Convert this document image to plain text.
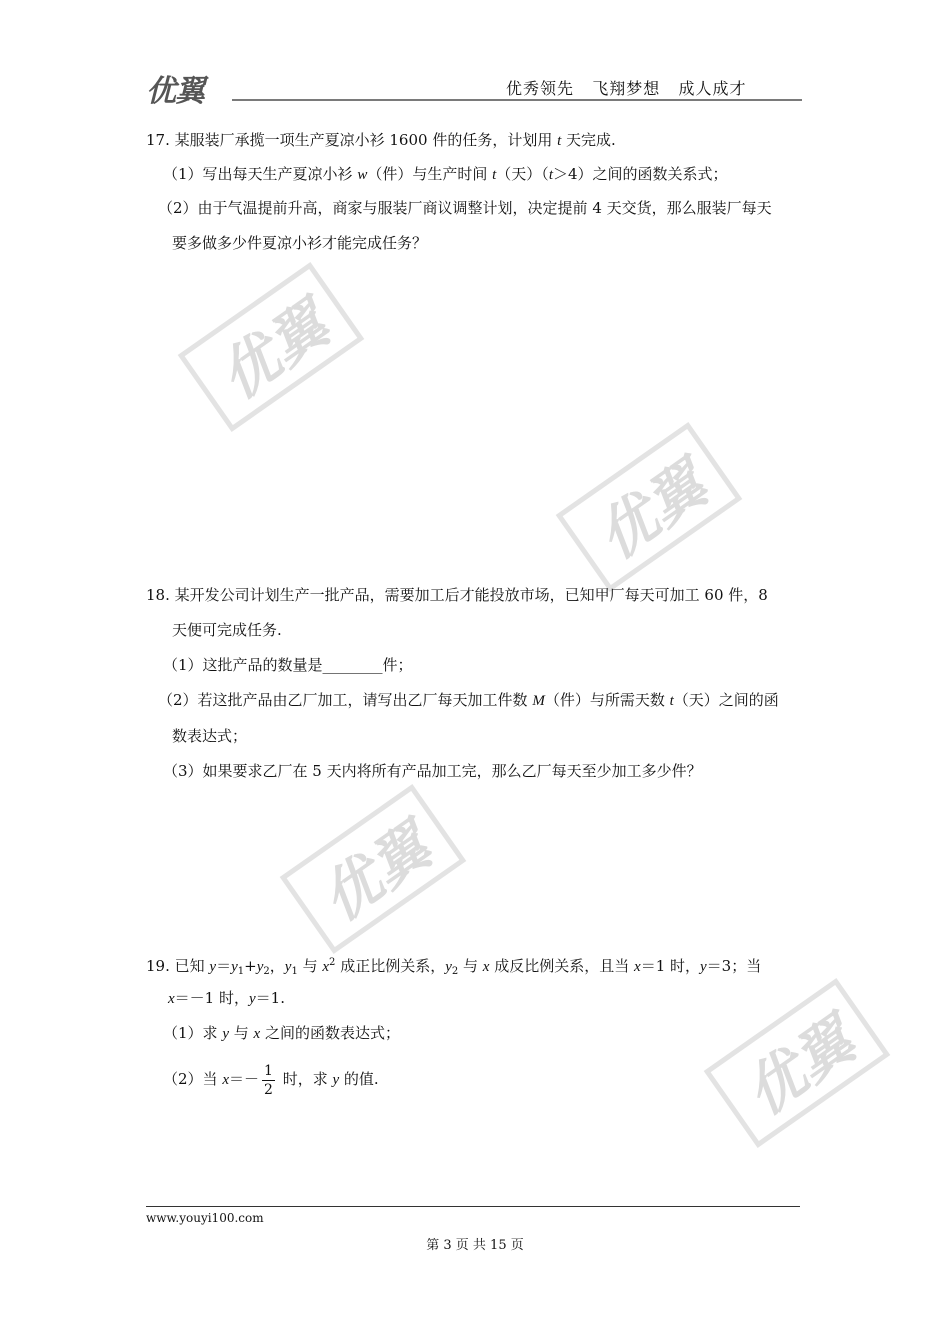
优翼	优秀领先   飞翔梦想   成人成才
优翼
优翼
优翼
优翼
17. 某服装厂承揽一项生产夏凉小衫 1600 件的任务，计划用 t 天完成.
（1）写出每天生产夏凉小衫 w（件）与生产时间 t（天）（t＞4）之间的函数关系式；
（2）由于气温提前升高，商家与服装厂商议调整计划，决定提前 4 天交货，那么服装厂每天
要多做多少件夏凉小衫才能完成任务？
18. 某开发公司计划生产一批产品，需要加工后才能投放市场，已知甲厂每天可加工 60 件，8
天便可完成任务.
（1）这批产品的数量是________件；
（2）若这批产品由乙厂加工，请写出乙厂每天加工件数 M（件）与所需天数 t（天）之间的函
数表达式；
（3）如果要求乙厂在 5 天内将所有产品加工完，那么乙厂每天至少加工多少件？
19. 已知 $y=y_1+y_2$，$y_1$ 与 $x^2$ 成正比例关系，$y_2$ 与 x 成反比例关系，且当 x＝1 时，y＝3；当
x＝－1 时，y＝1.
（1）求 y 与 x 之间的函数表达式；
（2）当 $x=- \frac{1}{2}$ 时，求 y 的值.
www.youyi100.com
第 3 页 共 15 页
